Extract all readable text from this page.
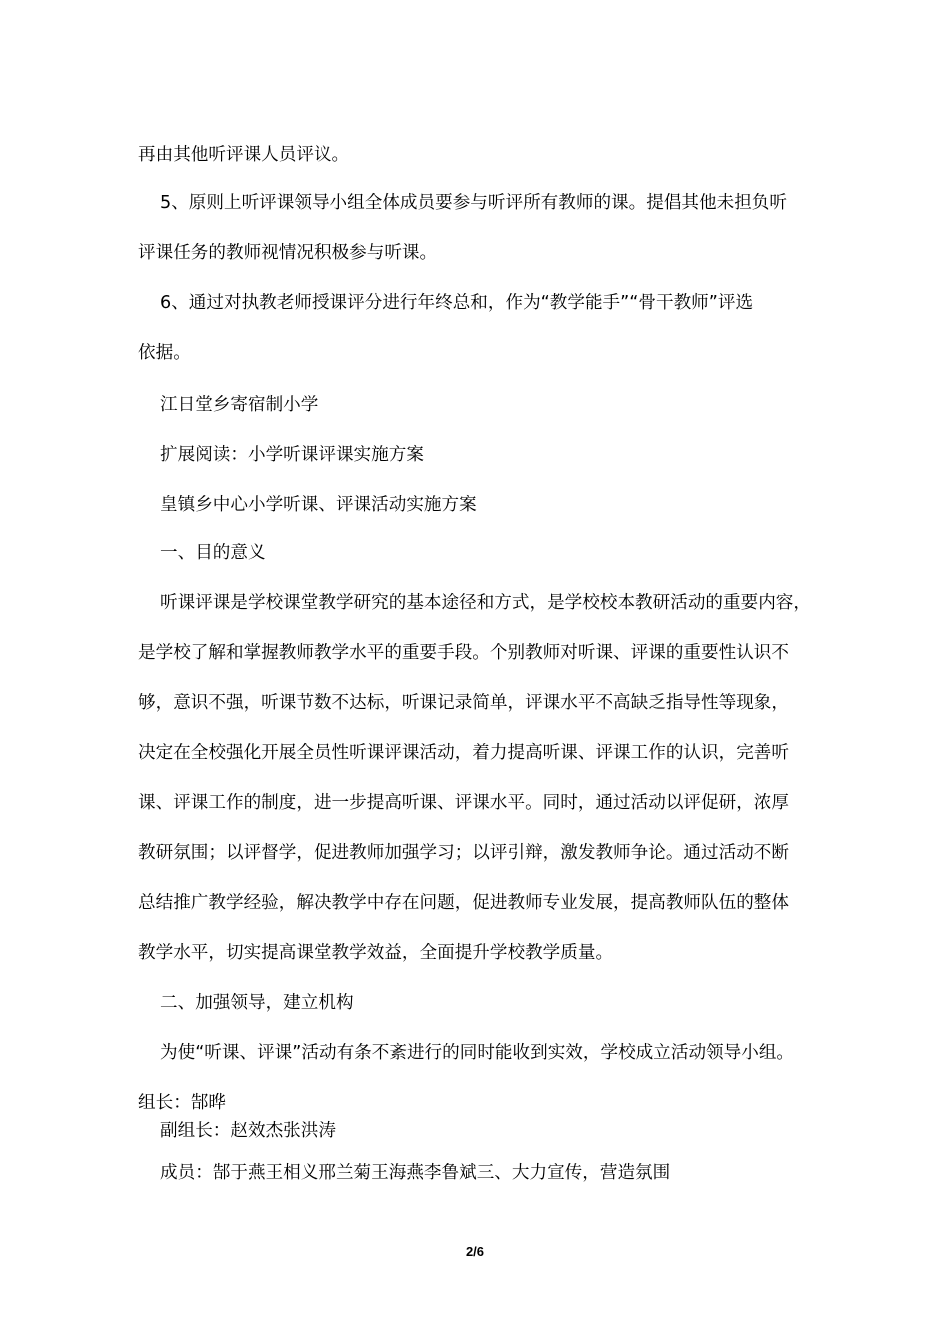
再由其他听评课人员评议。
5、原则上听评课领导小组全体成员要参与听评所有教师的课。提倡其他未担负听
评课任务的教师视情况积极参与听课。
6、通过对执教老师授课评分进行年终总和，作为“教学能手”“骨干教师”评选
依据。
江日堂乡寄宿制小学
扩展阅读：小学听课评课实施方案
皇镇乡中心小学听课、评课活动实施方案
一、目的意义
听课评课是学校课堂教学研究的基本途径和方式，是学校校本教研活动的重要内容，
是学校了解和掌握教师教学水平的重要手段。个别教师对听课、评课的重要性认识不
够，意识不强，听课节数不达标，听课记录简单，评课水平不高缺乏指导性等现象，
决定在全校强化开展全员性听课评课活动，着力提高听课、评课工作的认识，完善听
课、评课工作的制度，进一步提高听课、评课水平。同时，通过活动以评促研，浓厚
教研氛围；以评督学，促进教师加强学习；以评引辩，激发教师争论。通过活动不断
总结推广教学经验，解决教学中存在问题，促进教师专业发展，提高教师队伍的整体
教学水平，切实提高课堂教学效益，全面提升学校教学质量。
二、加强领导，建立机构
为使“听课、评课”活动有条不紊进行的同时能收到实效，学校成立活动领导小组。
组长：郜晔
副组长：赵效杰张洪涛
成员：郜于燕王相义邢兰菊王海燕李鲁斌三、大力宣传，营造氛围
2/6
